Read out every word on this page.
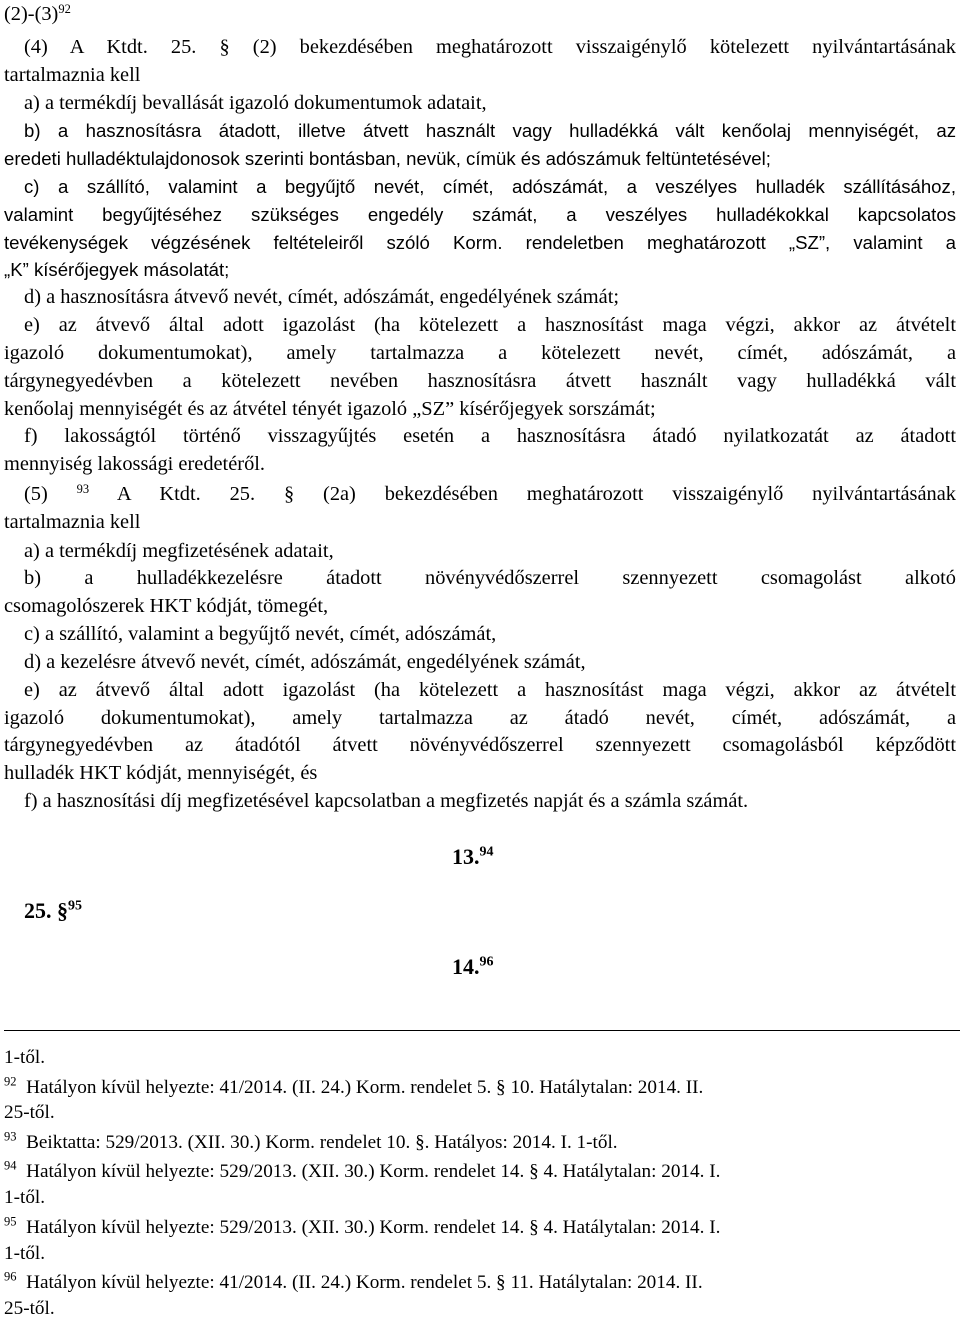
$(2)-(3)^{92}$
(4) A Ktdt. 25. § (2) bekezdésében meghatározott visszaigénylő kötelezett nyilvántartásának
tartalmaznia kell
a) a termékdíj bevallását igazoló dokumentumok adatait,
b) a hasznosításra átadott, illetve átvett használt vagy hulladékká vált kenőolaj mennyiségét, az
eredeti hulladéktulajdonosok szerinti bontásban, nevük, címük és adószámuk feltüntetésével;
c) a szállító, valamint a begyűjtő nevét, címét, adószámát, a veszélyes hulladék szállításához,
valamint begyűjtéséhez szükséges engedély számát, a veszélyes hulladékokkal kapcsolatos
tevékenységek végzésének feltételeiről szóló Korm. rendeletben meghatározott „SZ”, valamint a
„K” kísérőjegyek másolatát;
d) a hasznosításra átvevő nevét, címét, adószámát, engedélyének számát;
e) az átvevő által adott igazolást (ha kötelezett a hasznosítást maga végzi, akkor az átvételt
igazoló dokumentumokat), amely tartalmazza a kötelezett nevét, címét, adószámát, a
tárgynegyedévben a kötelezett nevében hasznosításra átvett használt vagy hulladékká vált
kenőolaj mennyiségét és az átvétel tényét igazoló „SZ” kísérőjegyek sorszámát;
f) lakosságtól történő visszagyűjtés esetén a hasznosításra átadó nyilatkozatát az átadott
mennyiség lakossági eredetéről.
(5) $^{93}$ A Ktdt. 25. § (2a) bekezdésében meghatározott visszaigénylő nyilvántartásának
tartalmaznia kell
a) a termékdíj megfizetésének adatait,
b) a hulladékkezelésre átadott növényvédőszerrel szennyezett csomagolást alkotó
csomagolószerek HKT kódját, tömegét,
c) a szállító, valamint a begyűjtő nevét, címét, adószámát,
d) a kezelésre átvevő nevét, címét, adószámát, engedélyének számát,
e) az átvevő által adott igazolást (ha kötelezett a hasznosítást maga végzi, akkor az átvételt
igazoló dokumentumokat), amely tartalmazza az átadó nevét, címét, adószámát, a
tárgynegyedévben az átadótól átvett növényvédőszerrel szennyezett csomagolásból képződött
hulladék HKT kódját, mennyiségét, és
f) a hasznosítási díj megfizetésével kapcsolatban a megfizetés napját és a számla számát.
13.94
25. §$^{95}$
14.96
1-től.
$^{92}$ Hatályon kívül helyezte: 41/2014. (II. 24.) Korm. rendelet 5. § 10. Hatálytalan: 2014. II.
25-től.
$^{93}$ Beiktatta: 529/2013. (XII. 30.) Korm. rendelet 10. §. Hatályos: 2014. I. 1-től.
$^{94}$ Hatályon kívül helyezte: 529/2013. (XII. 30.) Korm. rendelet 14. § 4. Hatálytalan: 2014. I.
1-től.
$^{95}$ Hatályon kívül helyezte: 529/2013. (XII. 30.) Korm. rendelet 14. § 4. Hatálytalan: 2014. I.
1-től.
$^{96}$ Hatályon kívül helyezte: 41/2014. (II. 24.) Korm. rendelet 5. § 11. Hatálytalan: 2014. II.
25-től.
